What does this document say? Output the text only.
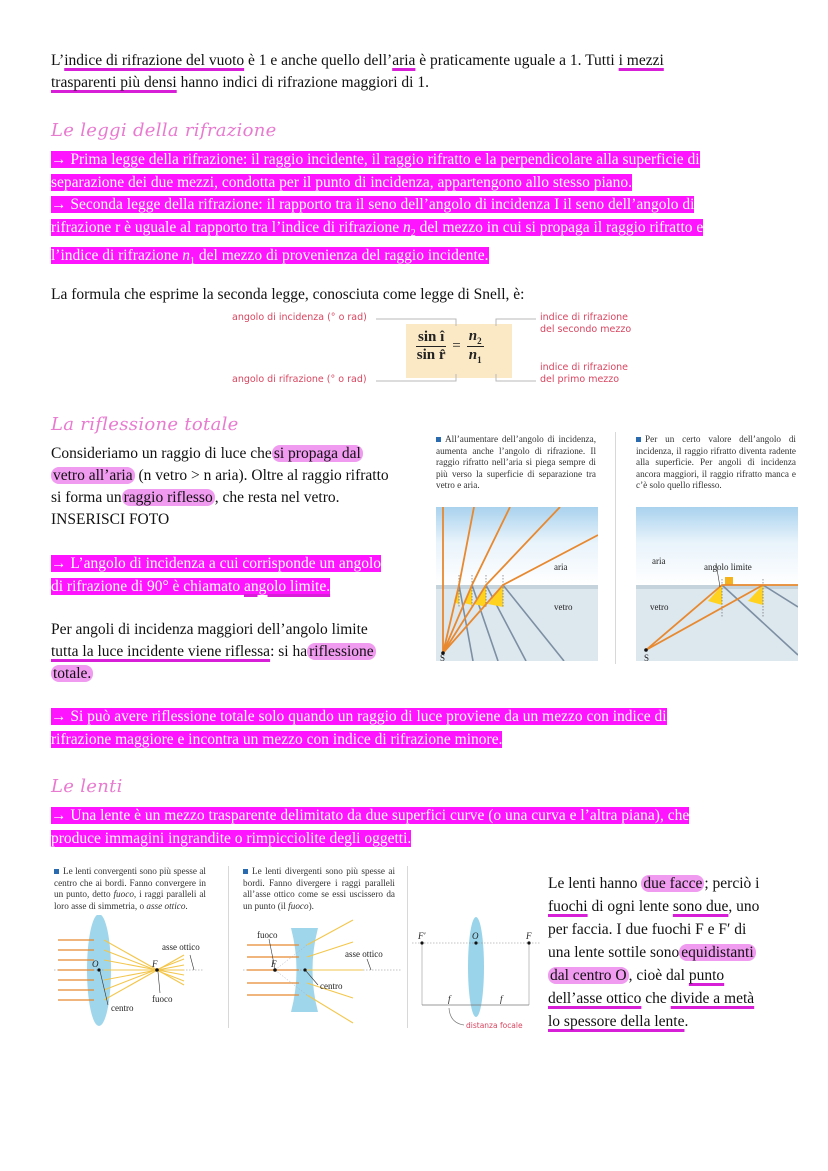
L’indice di rifrazione del vuoto è 1 e anche quello dell’aria è praticamente uguale a 1. Tutti i mezzi
trasparenti più densi hanno indici di rifrazione maggiori di 1.
Le leggi della rifrazione
→ Prima legge della rifrazione: il raggio incidente, il raggio rifratto e la perpendicolare alla superficie di
separazione dei due mezzi, condotta per il punto di incidenza, appartengono allo stesso piano.
→ Seconda legge della rifrazione: il rapporto tra il seno dell’angolo di incidenza I il seno dell’angolo di
rifrazione r è uguale al rapporto tra l’indice di rifrazione $n_2$ del mezzo in cui si propaga il raggio rifratto e
l’indice di rifrazione $n_1$ del mezzo di provenienza del raggio incidente.
La formula che esprime la seconda legge, conosciuta come legge di Snell, è:
angolo di incidenza (° o rad)
angolo di rifrazione (° o rad)
indice di rifrazione
del secondo mezzo
indice di rifrazione
del primo mezzo
$\frac{\text{sin î}}{\text{sin r̂}} = \frac{n_2}{n_1}$
La riflessione totale
Consideriamo un raggio di luce che si propaga dal
vetro all’aria (n vetro > n aria). Oltre al raggio rifratto
si forma un raggio riflesso , che resta nel vetro.
INSERISCI FOTO
→ L’angolo di incidenza a cui corrisponde un angolo
di rifrazione di 90° è chiamato angolo limite.
Per angoli di incidenza maggiori dell’angolo limite
tutta la luce incidente viene riflessa: si ha riflessione
totale.
All’aumentare dell’angolo di incidenza, aumenta anche l’angolo di rifrazione. Il raggio rifratto nell’aria si piega sempre di più verso la superficie di separazione tra vetro e aria.
Per un certo valore dell’angolo di incidenza, il raggio rifratto diventa radente alla superficie. Per angoli di incidenza ancora maggiori, il raggio rifratto manca e c’è solo quello riflesso.
aria
vetro
S
aria
vetro
angolo limite
S
→ Si può avere riflessione totale solo quando un raggio di luce proviene da un mezzo con indice di
rifrazione maggiore e incontra un mezzo con indice di rifrazione minore.
Le lenti
→ Una lente è un mezzo trasparente delimitato da due superfici curve (o una curva e l’altra piana), che
produce immagini ingrandite o rimpicciolite degli oggetti.
Le lenti convergenti sono più spesse al centro che ai bordi. Fanno convergere in un punto, detto fuoco, i raggi paralleli al loro asse di simmetria, o asse ottico.
Le lenti divergenti sono più spesse ai bordi. Fanno divergere i raggi paralleli all’asse ottico come se essi uscissero da un punto (il fuoco).
O	F
asse ottico
fuoco
centro
F
fuoco
asse ottico
centro
F′	O	F
f	f
distanza focale
Le lenti hanno due facce ; perciò i
fuochi di ogni lente sono due, uno
per faccia. I due fuochi F e F′ di
una lente sottile sono equidistanti
dal centro O , cioè dal punto
dell’asse ottico che divide a metà
lo spessore della lente.
